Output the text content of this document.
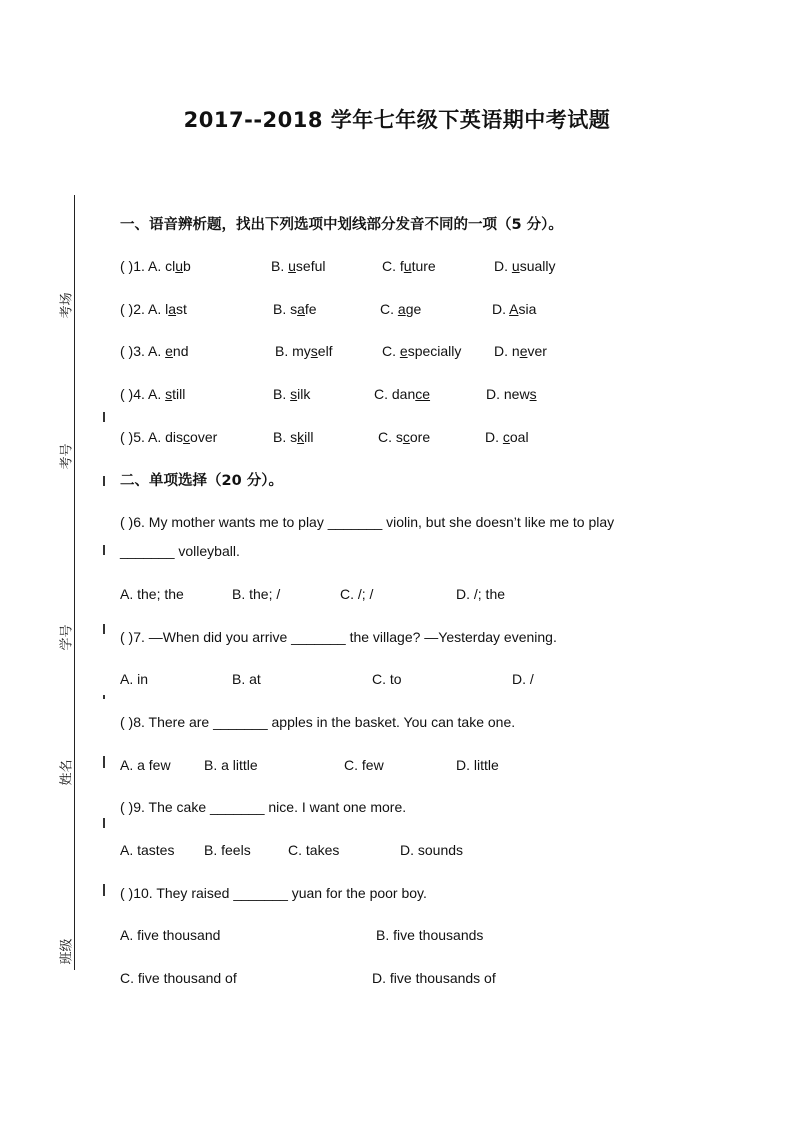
2017--2018 学年七年级下英语期中考试题
考场
考号
学号
姓名
班级
一、语音辨析题，找出下列选项中划线部分发音不同的一项（5 分）。
( )1. A. club	B. useful	C. future	D. usually
( )2. A. last	B. safe	C. age	D. Asia
( )3. A. end	B. myself	C. especially D. never
( )4. A. still	B. silk	C. dance	D. news
( )5. A. discover	B. skill	C. score	D. coal
二、单项选择（20 分）。
( )6. My mother wants me to play _______ violin, but she doesn’t like me to play
_______ volleyball.
A. the; the	B. the; /	C. /; /	D. /; the
( )7. —When did you arrive _______ the village? —Yesterday evening.
A. in	B. at	C. to	D. /
( )8. There are _______ apples in the basket. You can take one.
A. a few B. a little	C. few	D. little
( )9. The cake _______ nice. I want one more.
A. tastes B. feels	C. takes	D. sounds
( )10. They raised _______ yuan for the poor boy.
A. five thousand	B. five thousands
C. five thousand of	D. five thousands of
